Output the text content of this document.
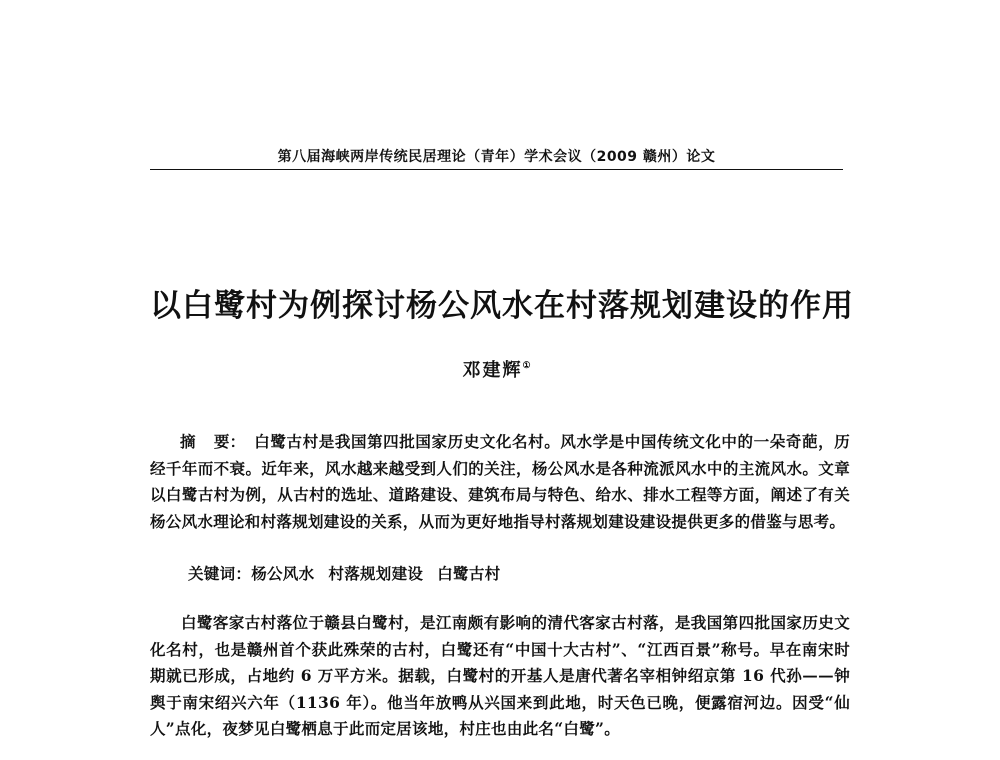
第八届海峡两岸传统民居理论（青年）学术会议（2009 赣州）论文
以白鹭村为例探讨杨公风水在村落规划建设的作用
邓建辉①
摘 要： 白鹭古村是我国第四批国家历史文化名村。风水学是中国传统文化中的一朵奇葩，历经千年而不衰。近年来，风水越来越受到人们的关注，杨公风水是各种流派风水中的主流风水。文章以白鹭古村为例，从古村的选址、道路建设、建筑布局与特色、给水、排水工程等方面，阐述了有关杨公风水理论和村落规划建设的关系，从而为更好地指导村落规划建设建设提供更多的借鉴与思考。
关键词：杨公风水 村落规划建设 白鹭古村
白鹭客家古村落位于赣县白鹭村，是江南颇有影响的清代客家古村落，是我国第四批国家历史文化名村，也是赣州首个获此殊荣的古村，白鹭还有“中国十大古村”、“江西百景”称号。早在南宋时期就已形成，占地约 6 万平方米。据载，白鹭村的开基人是唐代著名宰相钟绍京第 16 代孙——钟舆于南宋绍兴六年（1136 年）。他当年放鸭从兴国来到此地，时天色已晚，便露宿河边。因受“仙人”点化，夜梦见白鹭栖息于此而定居该地，村庄也由此名“白鹭”。
